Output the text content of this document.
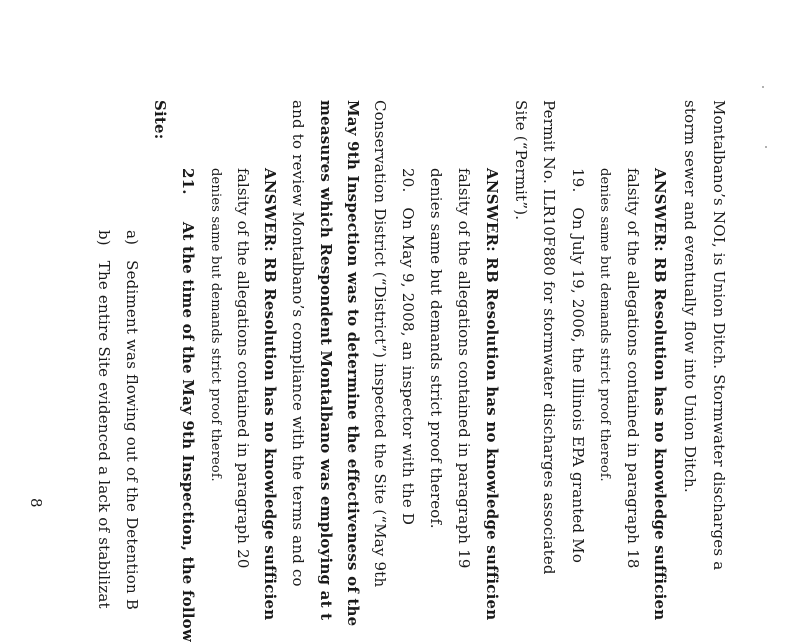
Montalbano’s NOI, is Union Ditch. Stormwater discharges a
storm sewer and eventually flow into Union Ditch.
ANSWER: RB Resolution has no knowledge sufficien
falsity of the allegations contained in paragraph 18
denies same but demands strict proof thereof.
19.   On July 19, 2006, the Illinois EPA granted Mo
Permit No. ILR10F880 for stormwater discharges associated
Site (“Permit”).
ANSWER: RB Resolution has no knowledge sufficien
falsity of the allegations contained in paragraph 19
denies same but demands strict proof thereof.
20.   On May 9, 2008, an inspector with the D
Conservation District (“District”) inspected the Site (“May 9th
May 9th Inspection was to determine the effectiveness of the
measures which Respondent Montalbano was employing at t
and to review Montalbano’s compliance with the terms and co
ANSWER: RB Resolution has no knowledge sufficien
falsity of the allegations contained in paragraph 20
denies same but demands strict proof thereof.
21.     At the time of the May 9th Inspection, the follow
Site:
a)   Sediment was flowing out of the Detention B
b)   The entire Site evidenced a lack of stabilizat
8
